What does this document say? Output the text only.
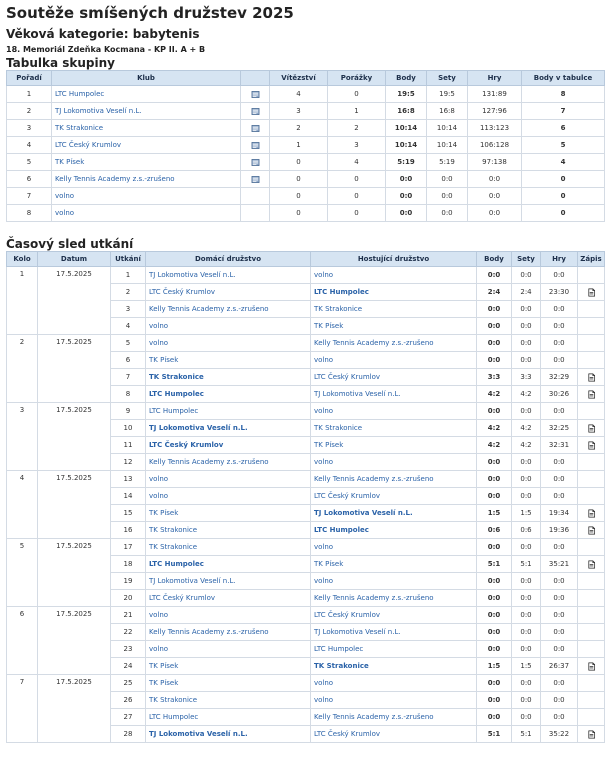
Soutěže smíšených družstev 2025
Věková kategorie: babytenis
18. Memoriál Zdeňka Kocmana - KP II. A + B
Tabulka skupiny
Pořadí	Klub		Vítězství	Porážky	Body	Sety	Hry	Body v tabulce
1	LTC Humpolec		4	0	19:5	19:5	131:89	8
2	TJ Lokomotiva Veselí n.L.		3	1	16:8	16:8	127:96	7
3	TK Strakonice		2	2	10:14	10:14	113:123	6
4	LTC Český Krumlov		1	3	10:14	10:14	106:128	5
5	TK Písek		0	4	5:19	5:19	97:138	4
6	Kelly Tennis Academy z.s.-zrušeno		0	0	0:0	0:0	0:0	0
7	volno		0	0	0:0	0:0	0:0	0
8	volno		0	0	0:0	0:0	0:0	0
Časový sled utkání
Kolo	Datum	Utkání	Domácí družstvo	Hostující družstvo	Body	Sety	Hry	Zápis
1	17.5.2025	1	TJ Lokomotiva Veselí n.L.	volno	0:0	0:0	0:0	
		2	LTC Český Krumlov	LTC Humpolec	2:4	2:4	23:30	
		3	Kelly Tennis Academy z.s.-zrušeno	TK Strakonice	0:0	0:0	0:0	
		4	volno	TK Písek	0:0	0:0	0:0	
2	17.5.2025	5	volno	Kelly Tennis Academy z.s.-zrušeno	0:0	0:0	0:0	
		6	TK Písek	volno	0:0	0:0	0:0	
		7	TK Strakonice	LTC Český Krumlov	3:3	3:3	32:29	
		8	LTC Humpolec	TJ Lokomotiva Veselí n.L.	4:2	4:2	30:26	
3	17.5.2025	9	LTC Humpolec	volno	0:0	0:0	0:0	
		10	TJ Lokomotiva Veselí n.L.	TK Strakonice	4:2	4:2	32:25	
		11	LTC Český Krumlov	TK Písek	4:2	4:2	32:31	
		12	Kelly Tennis Academy z.s.-zrušeno	volno	0:0	0:0	0:0	
4	17.5.2025	13	volno	Kelly Tennis Academy z.s.-zrušeno	0:0	0:0	0:0	
		14	volno	LTC Český Krumlov	0:0	0:0	0:0	
		15	TK Písek	TJ Lokomotiva Veselí n.L.	1:5	1:5	19:34	
		16	TK Strakonice	LTC Humpolec	0:6	0:6	19:36	
5	17.5.2025	17	TK Strakonice	volno	0:0	0:0	0:0	
		18	LTC Humpolec	TK Písek	5:1	5:1	35:21	
		19	TJ Lokomotiva Veselí n.L.	volno	0:0	0:0	0:0	
		20	LTC Český Krumlov	Kelly Tennis Academy z.s.-zrušeno	0:0	0:0	0:0	
6	17.5.2025	21	volno	LTC Český Krumlov	0:0	0:0	0:0	
		22	Kelly Tennis Academy z.s.-zrušeno	TJ Lokomotiva Veselí n.L.	0:0	0:0	0:0	
		23	volno	LTC Humpolec	0:0	0:0	0:0	
		24	TK Písek	TK Strakonice	1:5	1:5	26:37	
7	17.5.2025	25	TK Písek	volno	0:0	0:0	0:0	
		26	TK Strakonice	volno	0:0	0:0	0:0	
		27	LTC Humpolec	Kelly Tennis Academy z.s.-zrušeno	0:0	0:0	0:0	
		28	TJ Lokomotiva Veselí n.L.	LTC Český Krumlov	5:1	5:1	35:22	
